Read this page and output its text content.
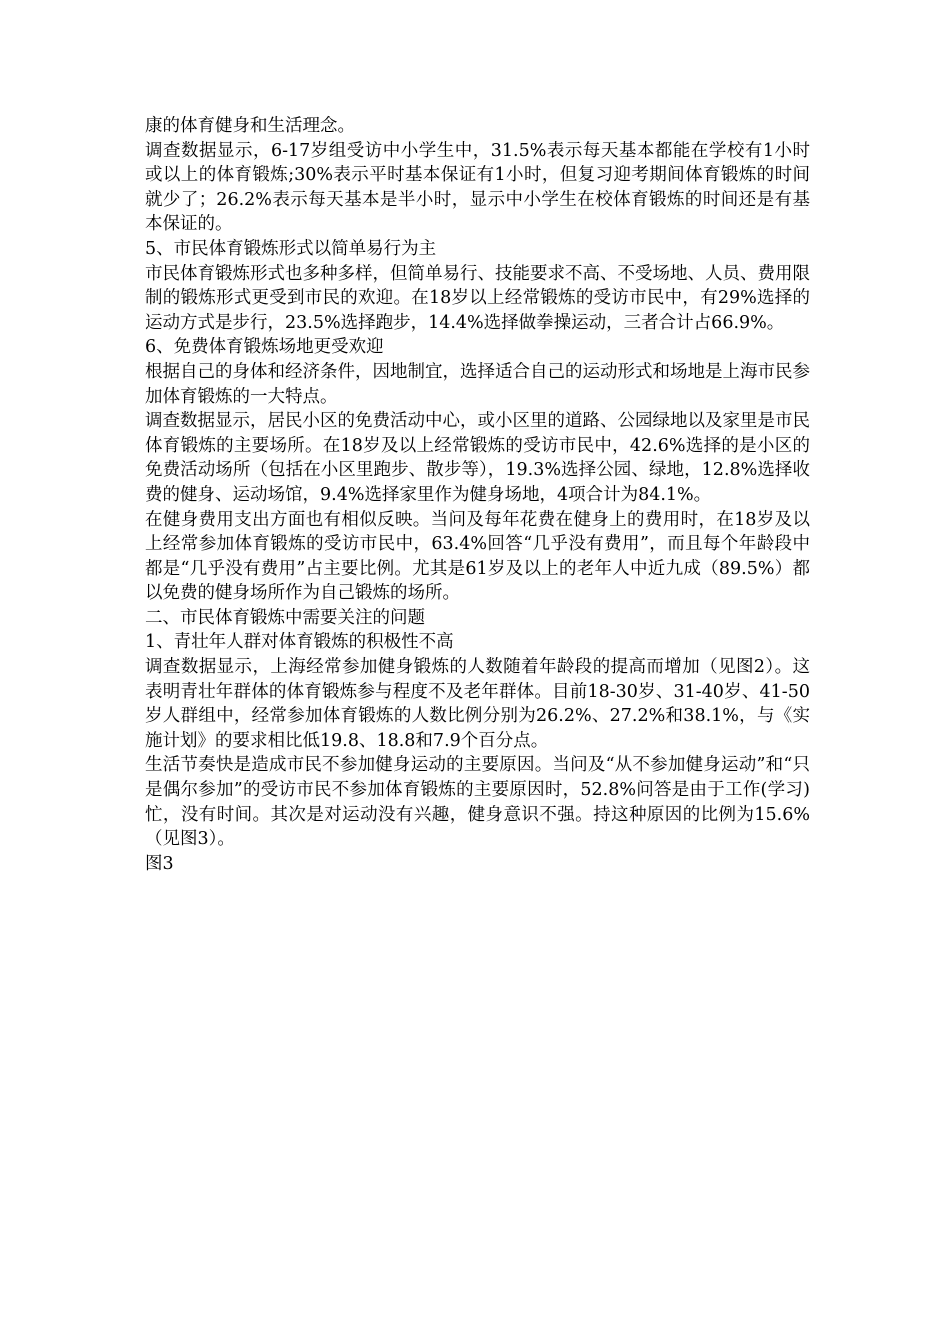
康的体育健身和生活理念。

调查数据显示，6-17岁组受访中小学生中，31.5%表示每天基本都能在学校有1小时或以上的体育锻炼;30%表示平时基本保证有1小时，但复习迎考期间体育锻炼的时间就少了；26.2%表示每天基本是半小时，显示中小学生在校体育锻炼的时间还是有基本保证的。

5、市民体育锻炼形式以简单易行为主

市民体育锻炼形式也多种多样，但简单易行、技能要求不高、不受场地、人员、费用限制的锻炼形式更受到市民的欢迎。在18岁以上经常锻炼的受访市民中，有29%选择的运动方式是步行，23.5%选择跑步，14.4%选择做拳操运动，三者合计占66.9%。

6、免费体育锻炼场地更受欢迎

根据自己的身体和经济条件，因地制宜，选择适合自己的运动形式和场地是上海市民参加体育锻炼的一大特点。

调查数据显示，居民小区的免费活动中心，或小区里的道路、公园绿地以及家里是市民体育锻炼的主要场所。在18岁及以上经常锻炼的受访市民中，42.6%选择的是小区的免费活动场所（包括在小区里跑步、散步等），19.3%选择公园、绿地，12.8%选择收费的健身、运动场馆，9.4%选择家里作为健身场地，4项合计为84.1%。

在健身费用支出方面也有相似反映。当问及每年花费在健身上的费用时，在18岁及以上经常参加体育锻炼的受访市民中，63.4%回答“几乎没有费用”，而且每个年龄段中都是“几乎没有费用”占主要比例。尤其是61岁及以上的老年人中近九成（89.5%）都以免费的健身场所作为自己锻炼的场所。

二、市民体育锻炼中需要关注的问题

1、青壮年人群对体育锻炼的积极性不高

调查数据显示，上海经常参加健身锻炼的人数随着年龄段的提高而增加（见图2）。这表明青壮年群体的体育锻炼参与程度不及老年群体。目前18-30岁、31-40岁、41-50岁人群组中，经常参加体育锻炼的人数比例分别为26.2%、27.2%和38.1%，与《实施计划》的要求相比低19.8、18.8和7.9个百分点。

生活节奏快是造成市民不参加健身运动的主要原因。当问及“从不参加健身运动”和“只是偶尔参加”的受访市民不参加体育锻炼的主要原因时，52.8%问答是由于工作(学习)忙，没有时间。其次是对运动没有兴趣，健身意识不强。持这种原因的比例为15.6%（见图3）。

图3
